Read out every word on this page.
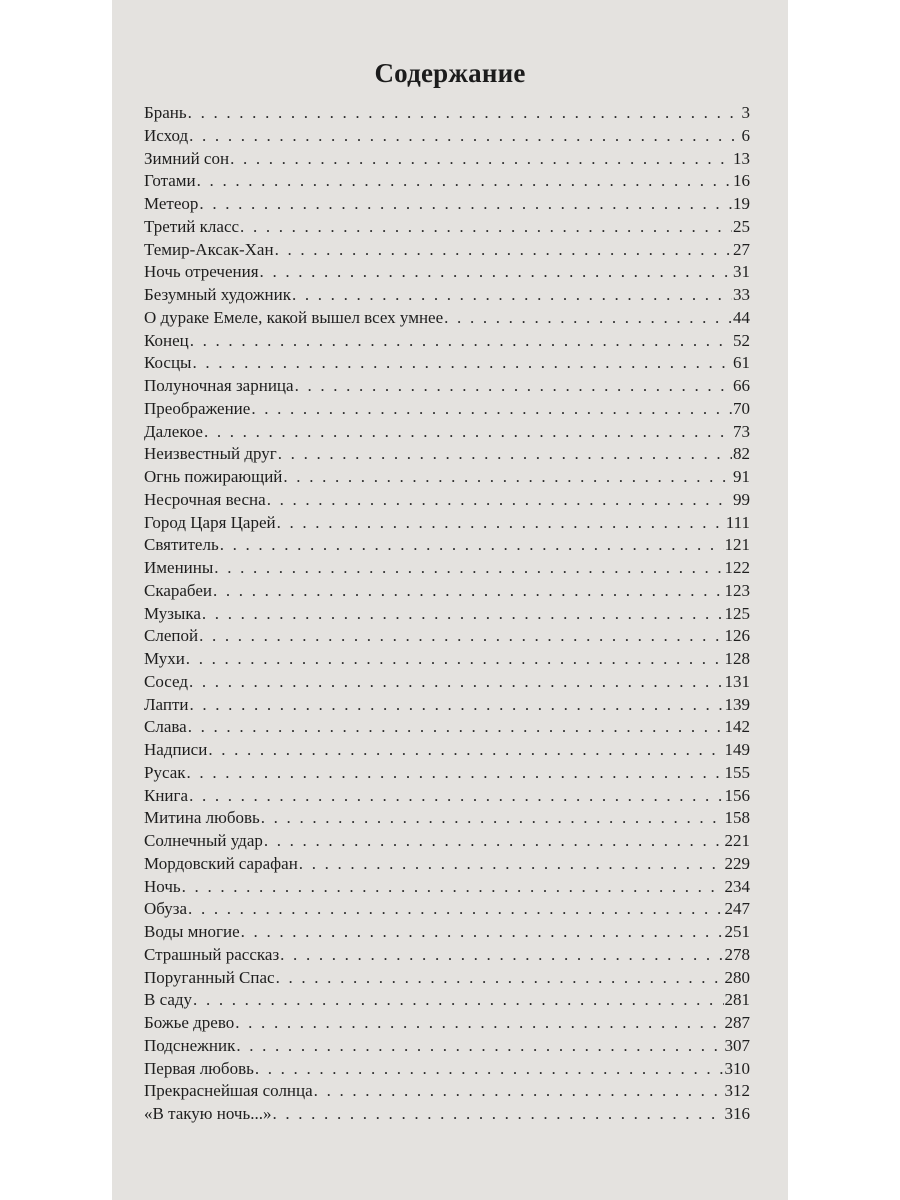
Содержание
Брань . . .	3
Исход . . .	6
Зимний сон . . .	13
Готами . . .	16
Метеор . . .	19
Третий класс . . .	25
Темир-Аксак-Хан . . .	27
Ночь отречения . . .	31
Безумный художник . . .	33
О дураке Емеле, какой вышел всех умнее . . .	44
Конец . . .	52
Косцы . . .	61
Полуночная зарница . . .	66
Преображение . . .	70
Далекое . . .	73
Неизвестный друг . . .	82
Огнь пожирающий . . .	91
Несрочная весна . . .	99
Город Царя Царей . . .	111
Святитель . . .	121
Именины . . .	122
Скарабеи . . .	123
Музыка . . .	125
Слепой . . .	126
Мухи . . .	128
Сосед . . .	131
Лапти . . .	139
Слава . . .	142
Надписи . . .	149
Русак . . .	155
Книга . . .	156
Митина любовь . . .	158
Солнечный удар . . .	221
Мордовский сарафан . . .	229
Ночь . . .	234
Обуза . . .	247
Воды многие . . .	251
Страшный рассказ . . .	278
Поруганный Спас . . .	280
В саду . . .	281
Божье древо . . .	287
Подснежник . . .	307
Первая любовь . . .	310
Прекраснейшая солнца . . .	312
«В такую ночь...» . . .	316
